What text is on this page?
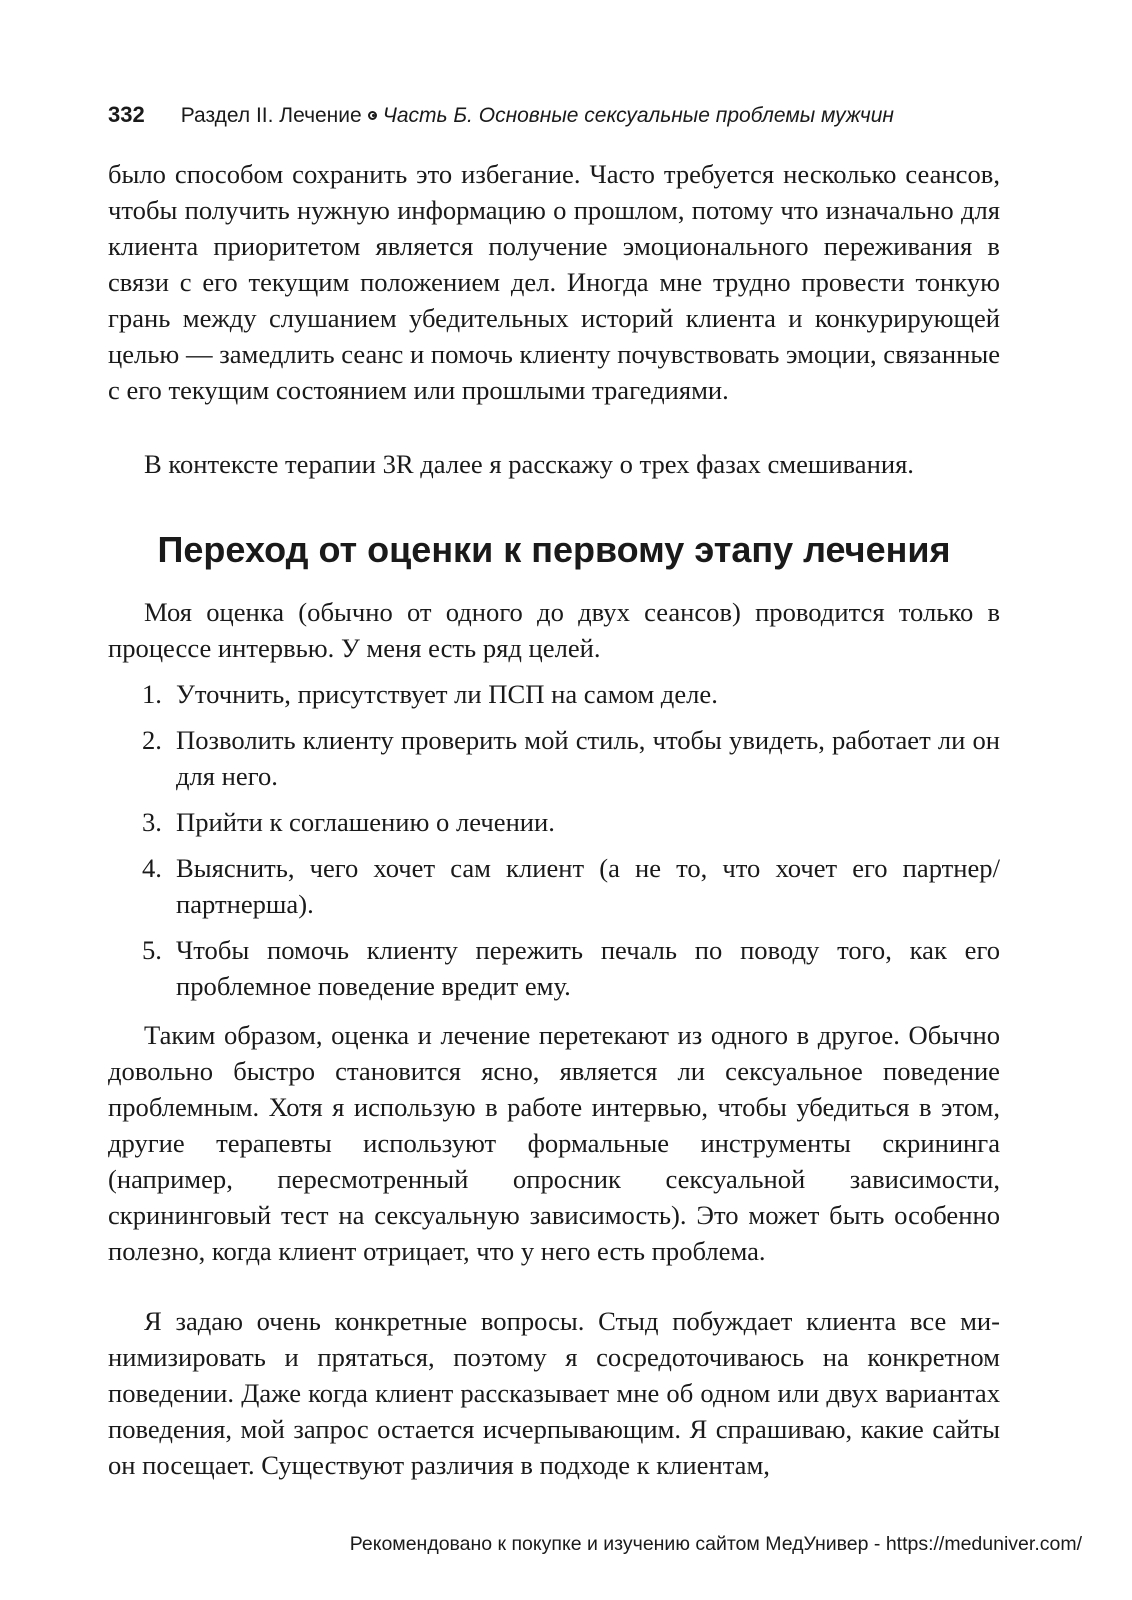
332 Раздел II. Лечение Часть Б. Основные сексуальные проблемы мужчин

было способом сохранить это избегание. Часто требуется несколько сеансов, чтобы получить нужную информацию о прошлом, потому что изначально для клиента приоритетом является получение эмоционального переживания в связи с его текущим положением дел. Иногда мне трудно провести тонкую грань между слушанием убедительных историй клиента и конкурирующей целью — замедлить сеанс и помочь клиенту почувствовать эмоции, связанные с его текущим состоянием или прошлыми трагедиями.

В контексте терапии 3R далее я расскажу о трех фазах смешивания.

Переход от оценки к первому этапу лечения

Моя оценка (обычно от одного до двух сеансов) проводится только в процессе интервью. У меня есть ряд целей.

1. Уточнить, присутствует ли ПСП на самом деле.
2. Позволить клиенту проверить мой стиль, чтобы увидеть, работает ли он для него.
3. Прийти к соглашению о лечении.
4. Выяснить, чего хочет сам клиент (а не то, что хочет его партнер/ партнерша).
5. Чтобы помочь клиенту пережить печаль по поводу того, как его проблемное поведение вредит ему.

Таким образом, оценка и лечение перетекают из одного в другое. Обычно довольно быстро становится ясно, является ли сексуальное поведение проблемным. Хотя я использую в работе интервью, чтобы убедиться в этом, другие терапевты используют формальные инструменты скрининга (например, пересмотренный опросник сексуальной зависимости, скрининговый тест на сексуальную зависимость). Это может быть особенно полезно, когда клиент отрицает, что у него есть проблема.

Я задаю очень конкретные вопросы. Стыд побуждает клиента все минимизировать и прятаться, поэтому я сосредоточиваюсь на конкретном поведении. Даже когда клиент рассказывает мне об одном или двух вариантах поведения, мой запрос остается исчерпывающим. Я спрашиваю, какие сайты он посещает. Существуют различия в подходе к клиентам,

Рекомендовано к покупке и изучению сайтом МедУнивер - https://meduniver.com/
